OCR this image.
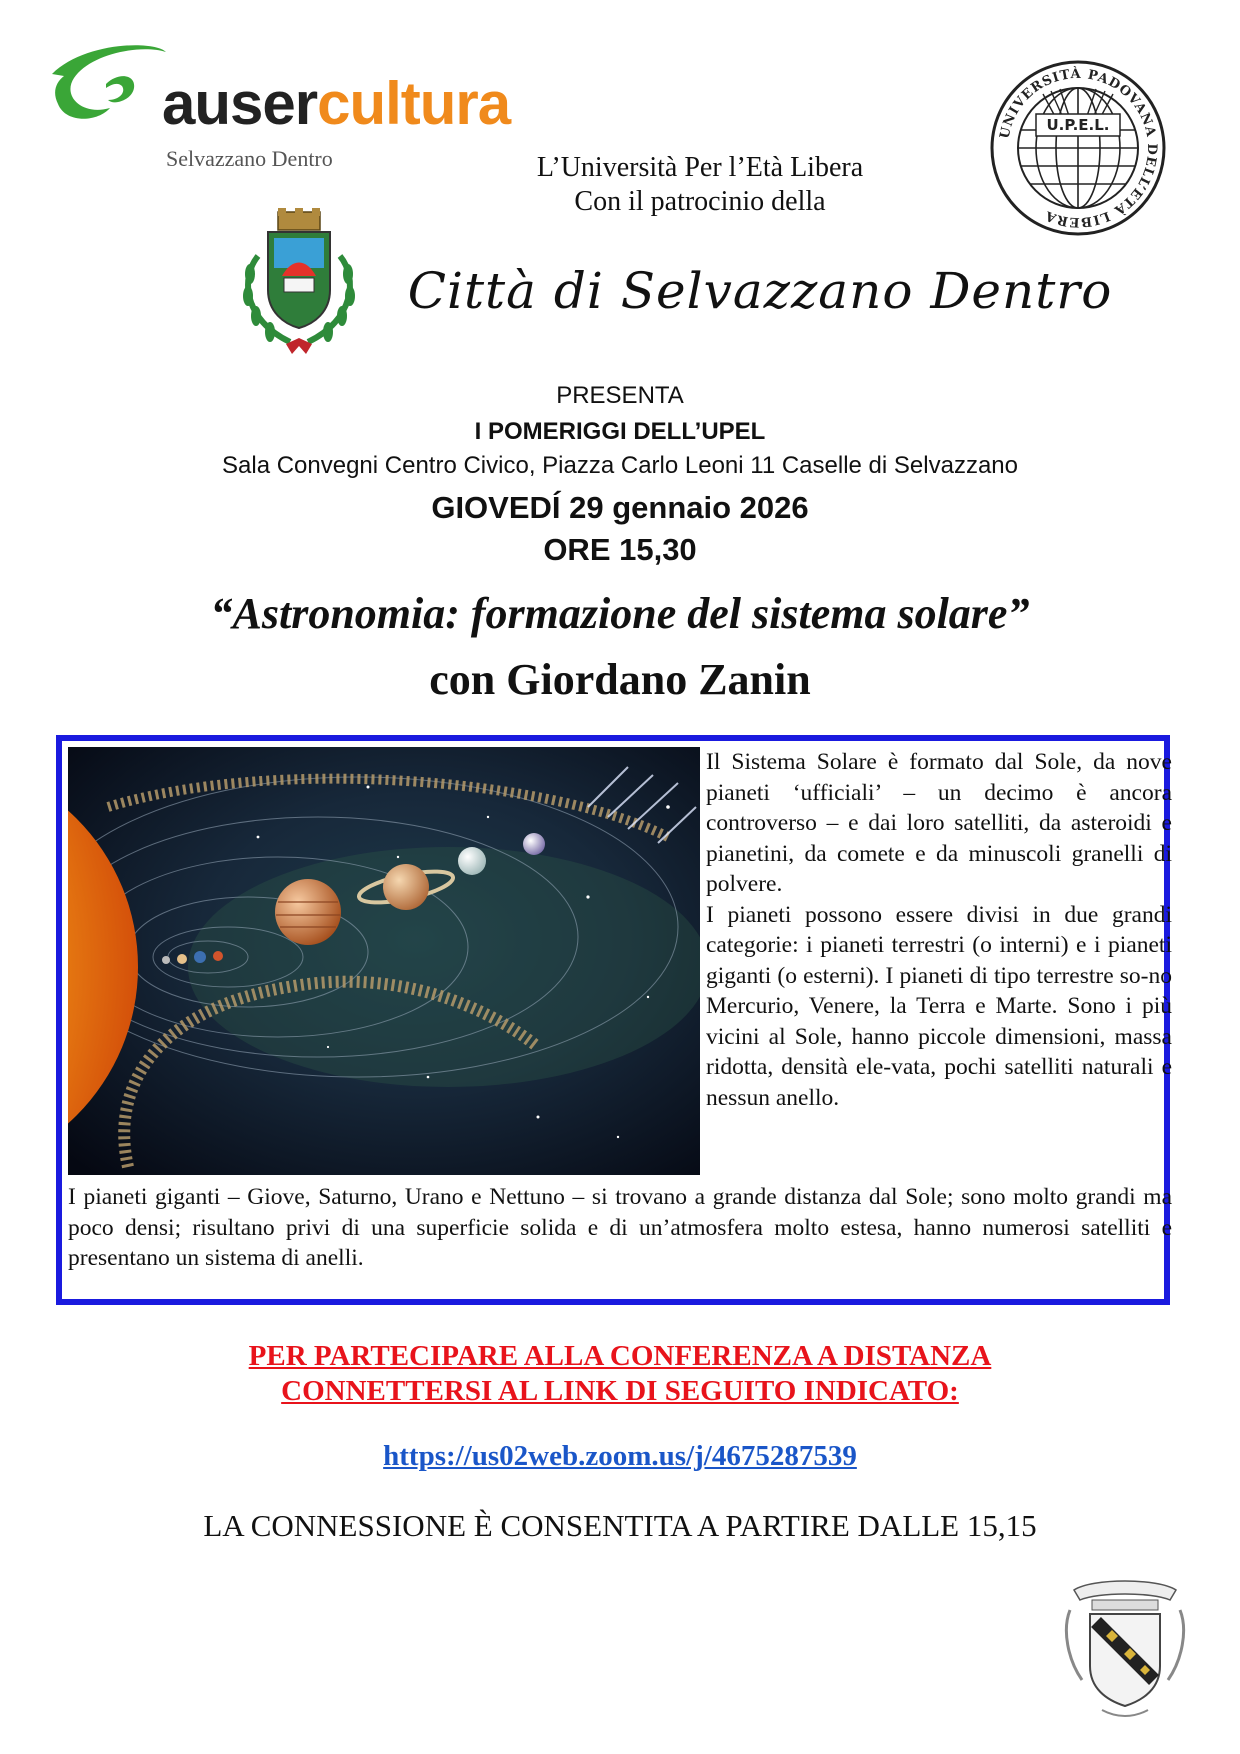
ausercultura
Selvazzano Dentro	L’Università Per l’Età Libera
Con il patrocinio della
UNIVERSITÀ PADOVANA DELL’ETÀ LIBERA
U.P.E.L.
Città di Selvazzano Dentro
PRESENTA
I POMERIGGI DELL’UPEL
Sala Convegni Centro Civico, Piazza Carlo Leoni 11 Caselle di Selvazzano
GIOVEDÍ 29 gennaio 2026
ORE 15,30
“Astronomia: formazione del sistema solare”
con Giordano Zanin

Il Sistema Solare è formato dal Sole, da nove pianeti ‘ufficiali’ – un decimo è ancora controverso – e dai loro satelliti, da asteroidi e pianetini, da comete e da minuscoli granelli di polvere.

I pianeti possono essere divisi in due grandi categorie: i pianeti terrestri (o interni) e i pianeti giganti (o esterni). I pianeti di tipo terrestre so-no Mercurio, Venere, la Terra e Marte. Sono i più vicini al Sole, hanno piccole dimensioni, massa ridotta, densità ele-vata, pochi satelliti naturali e nessun anello.

I pianeti giganti – Giove, Saturno, Urano e Nettuno – si trovano a grande distanza dal Sole; sono molto grandi ma poco densi; risultano privi di una superficie solida e di un’atmosfera molto estesa, hanno numerosi satelliti e presentano un sistema di anelli.

PER PARTECIPARE ALLA CONFERENZA A DISTANZA
CONNETTERSI AL LINK DI SEGUITO INDICATO:
https://us02web.zoom.us/j/4675287539
LA CONNESSIONE È CONSENTITA A PARTIRE DALLE 15,15
